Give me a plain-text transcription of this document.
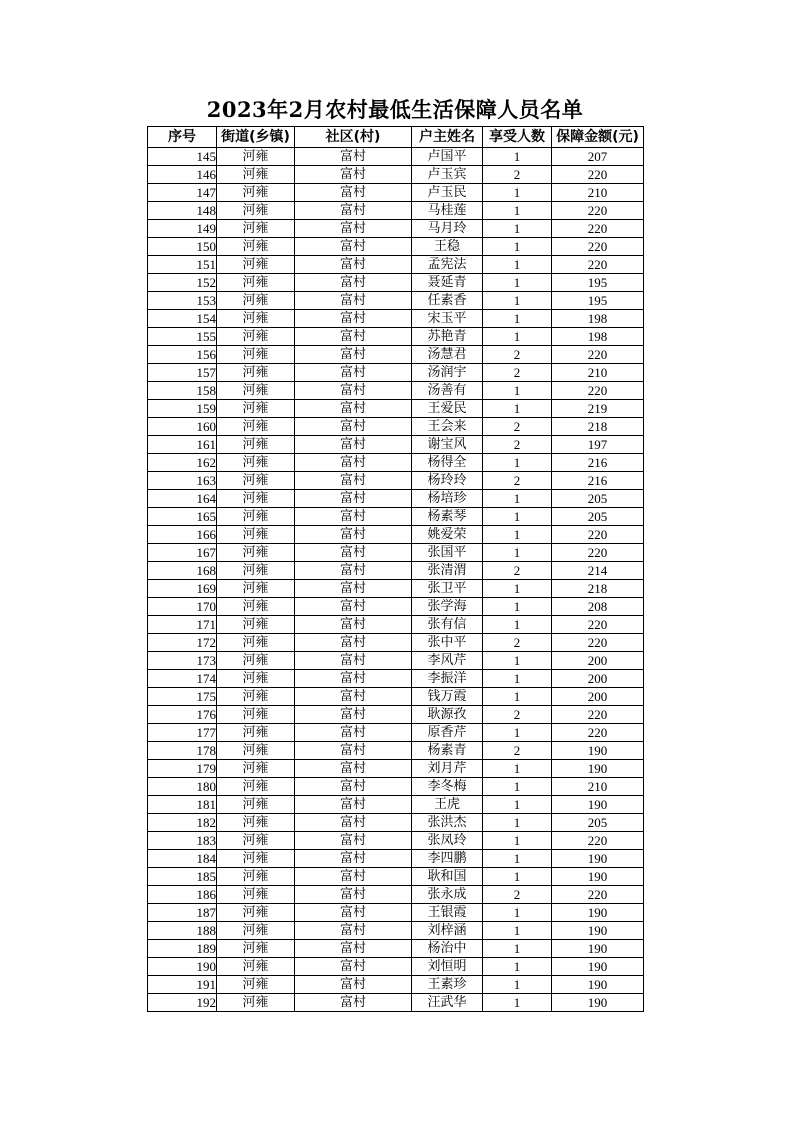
2023年2月农村最低生活保障人员名单
序号	街道(乡镇)	社区(村)	户主姓名	享受人数	保障金额(元)
145	河雍	富村	卢国平	1	207
146	河雍	富村	卢玉宾	2	220
147	河雍	富村	卢玉民	1	210
148	河雍	富村	马桂莲	1	220
149	河雍	富村	马月玲	1	220
150	河雍	富村	王稳	1	220
151	河雍	富村	孟宪法	1	220
152	河雍	富村	聂延青	1	195
153	河雍	富村	任素香	1	195
154	河雍	富村	宋玉平	1	198
155	河雍	富村	苏艳青	1	198
156	河雍	富村	汤慧君	2	220
157	河雍	富村	汤润宇	2	210
158	河雍	富村	汤善有	1	220
159	河雍	富村	王爱民	1	219
160	河雍	富村	王会来	2	218
161	河雍	富村	谢宝风	2	197
162	河雍	富村	杨得全	1	216
163	河雍	富村	杨玲玲	2	216
164	河雍	富村	杨培珍	1	205
165	河雍	富村	杨素琴	1	205
166	河雍	富村	姚爱荣	1	220
167	河雍	富村	张国平	1	220
168	河雍	富村	张清渭	2	214
169	河雍	富村	张卫平	1	218
170	河雍	富村	张学海	1	208
171	河雍	富村	张有信	1	220
172	河雍	富村	张中平	2	220
173	河雍	富村	李风芹	1	200
174	河雍	富村	李振洋	1	200
175	河雍	富村	钱万霞	1	200
176	河雍	富村	耿源孜	2	220
177	河雍	富村	原香芹	1	220
178	河雍	富村	杨素青	2	190
179	河雍	富村	刘月芹	1	190
180	河雍	富村	李冬梅	1	210
181	河雍	富村	王虎	1	190
182	河雍	富村	张洪杰	1	205
183	河雍	富村	张凤玲	1	220
184	河雍	富村	李四鹏	1	190
185	河雍	富村	耿和国	1	190
186	河雍	富村	张永成	2	220
187	河雍	富村	王银霞	1	190
188	河雍	富村	刘梓涵	1	190
189	河雍	富村	杨治中	1	190
190	河雍	富村	刘恒明	1	190
191	河雍	富村	王素珍	1	190
192	河雍	富村	汪武华	1	190
